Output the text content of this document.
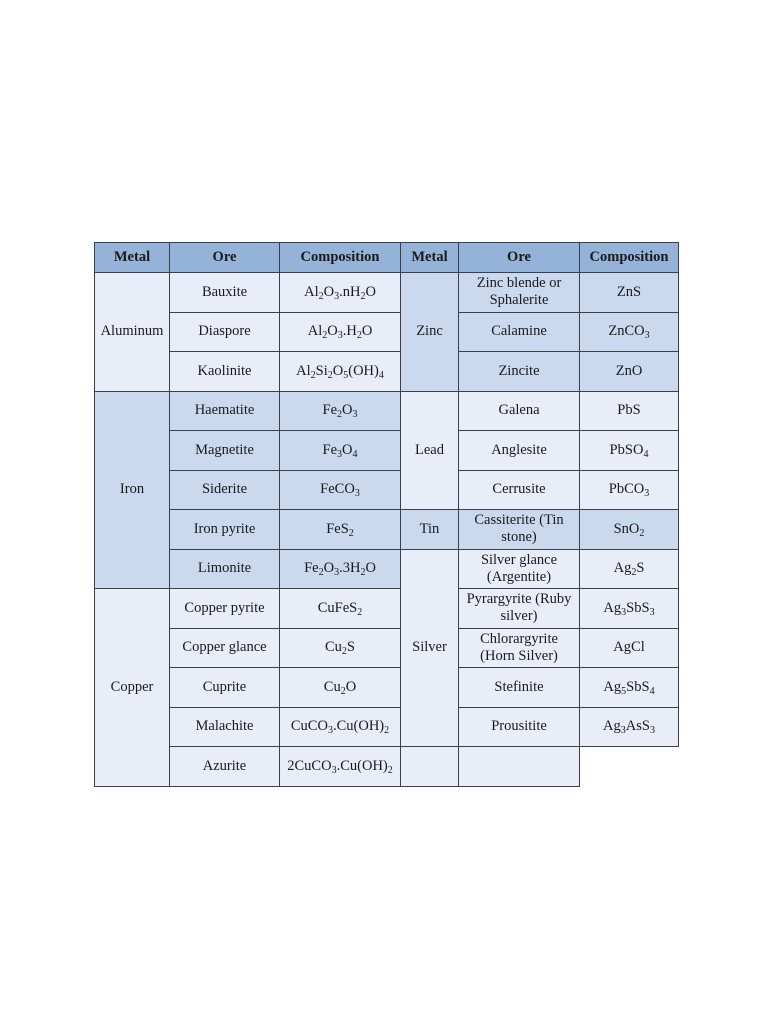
Metal	Ore	Composition	Metal	Ore	Composition
Aluminum	Bauxite	$Al_2O_3.nH_2O$	Zinc	Zinc blende or Sphalerite	ZnS
	Diaspore	$Al_2O_3.H_2O$		Calamine	ZnCO$_3$
	Kaolinite	$Al_2Si_2O_5(OH)_4$		Zincite	ZnO
Iron	Haematite	$Fe_2O_3$	Lead	Galena	PbS
	Magnetite	$Fe_3O_4$		Anglesite	PbSO$_4$
	Siderite	FeCO$_3$		Cerrusite	PbCO$_3$
	Iron pyrite	FeS$_2$	Tin	Cassiterite (Tin stone)	SnO$_2$
	Limonite	$Fe_2O_3.3H_2O$	Silver	Silver glance (Argentite)	$Ag_2S$
Copper	Copper pyrite	CuFeS$_2$		Pyrargyrite (Ruby silver)	$Ag_3SbS_3$
	Copper glance	$Cu_2S$		Chlorargyrite (Horn Silver)	AgCl
	Cuprite	$Cu_2O$		Stefinite	$Ag_5SbS_4$
	Malachite	$CuCO_3.Cu(OH)_2$		Prousitite	$Ag_3AsS_3$
	Azurite	$2CuCO_3.Cu(OH)_2$		
